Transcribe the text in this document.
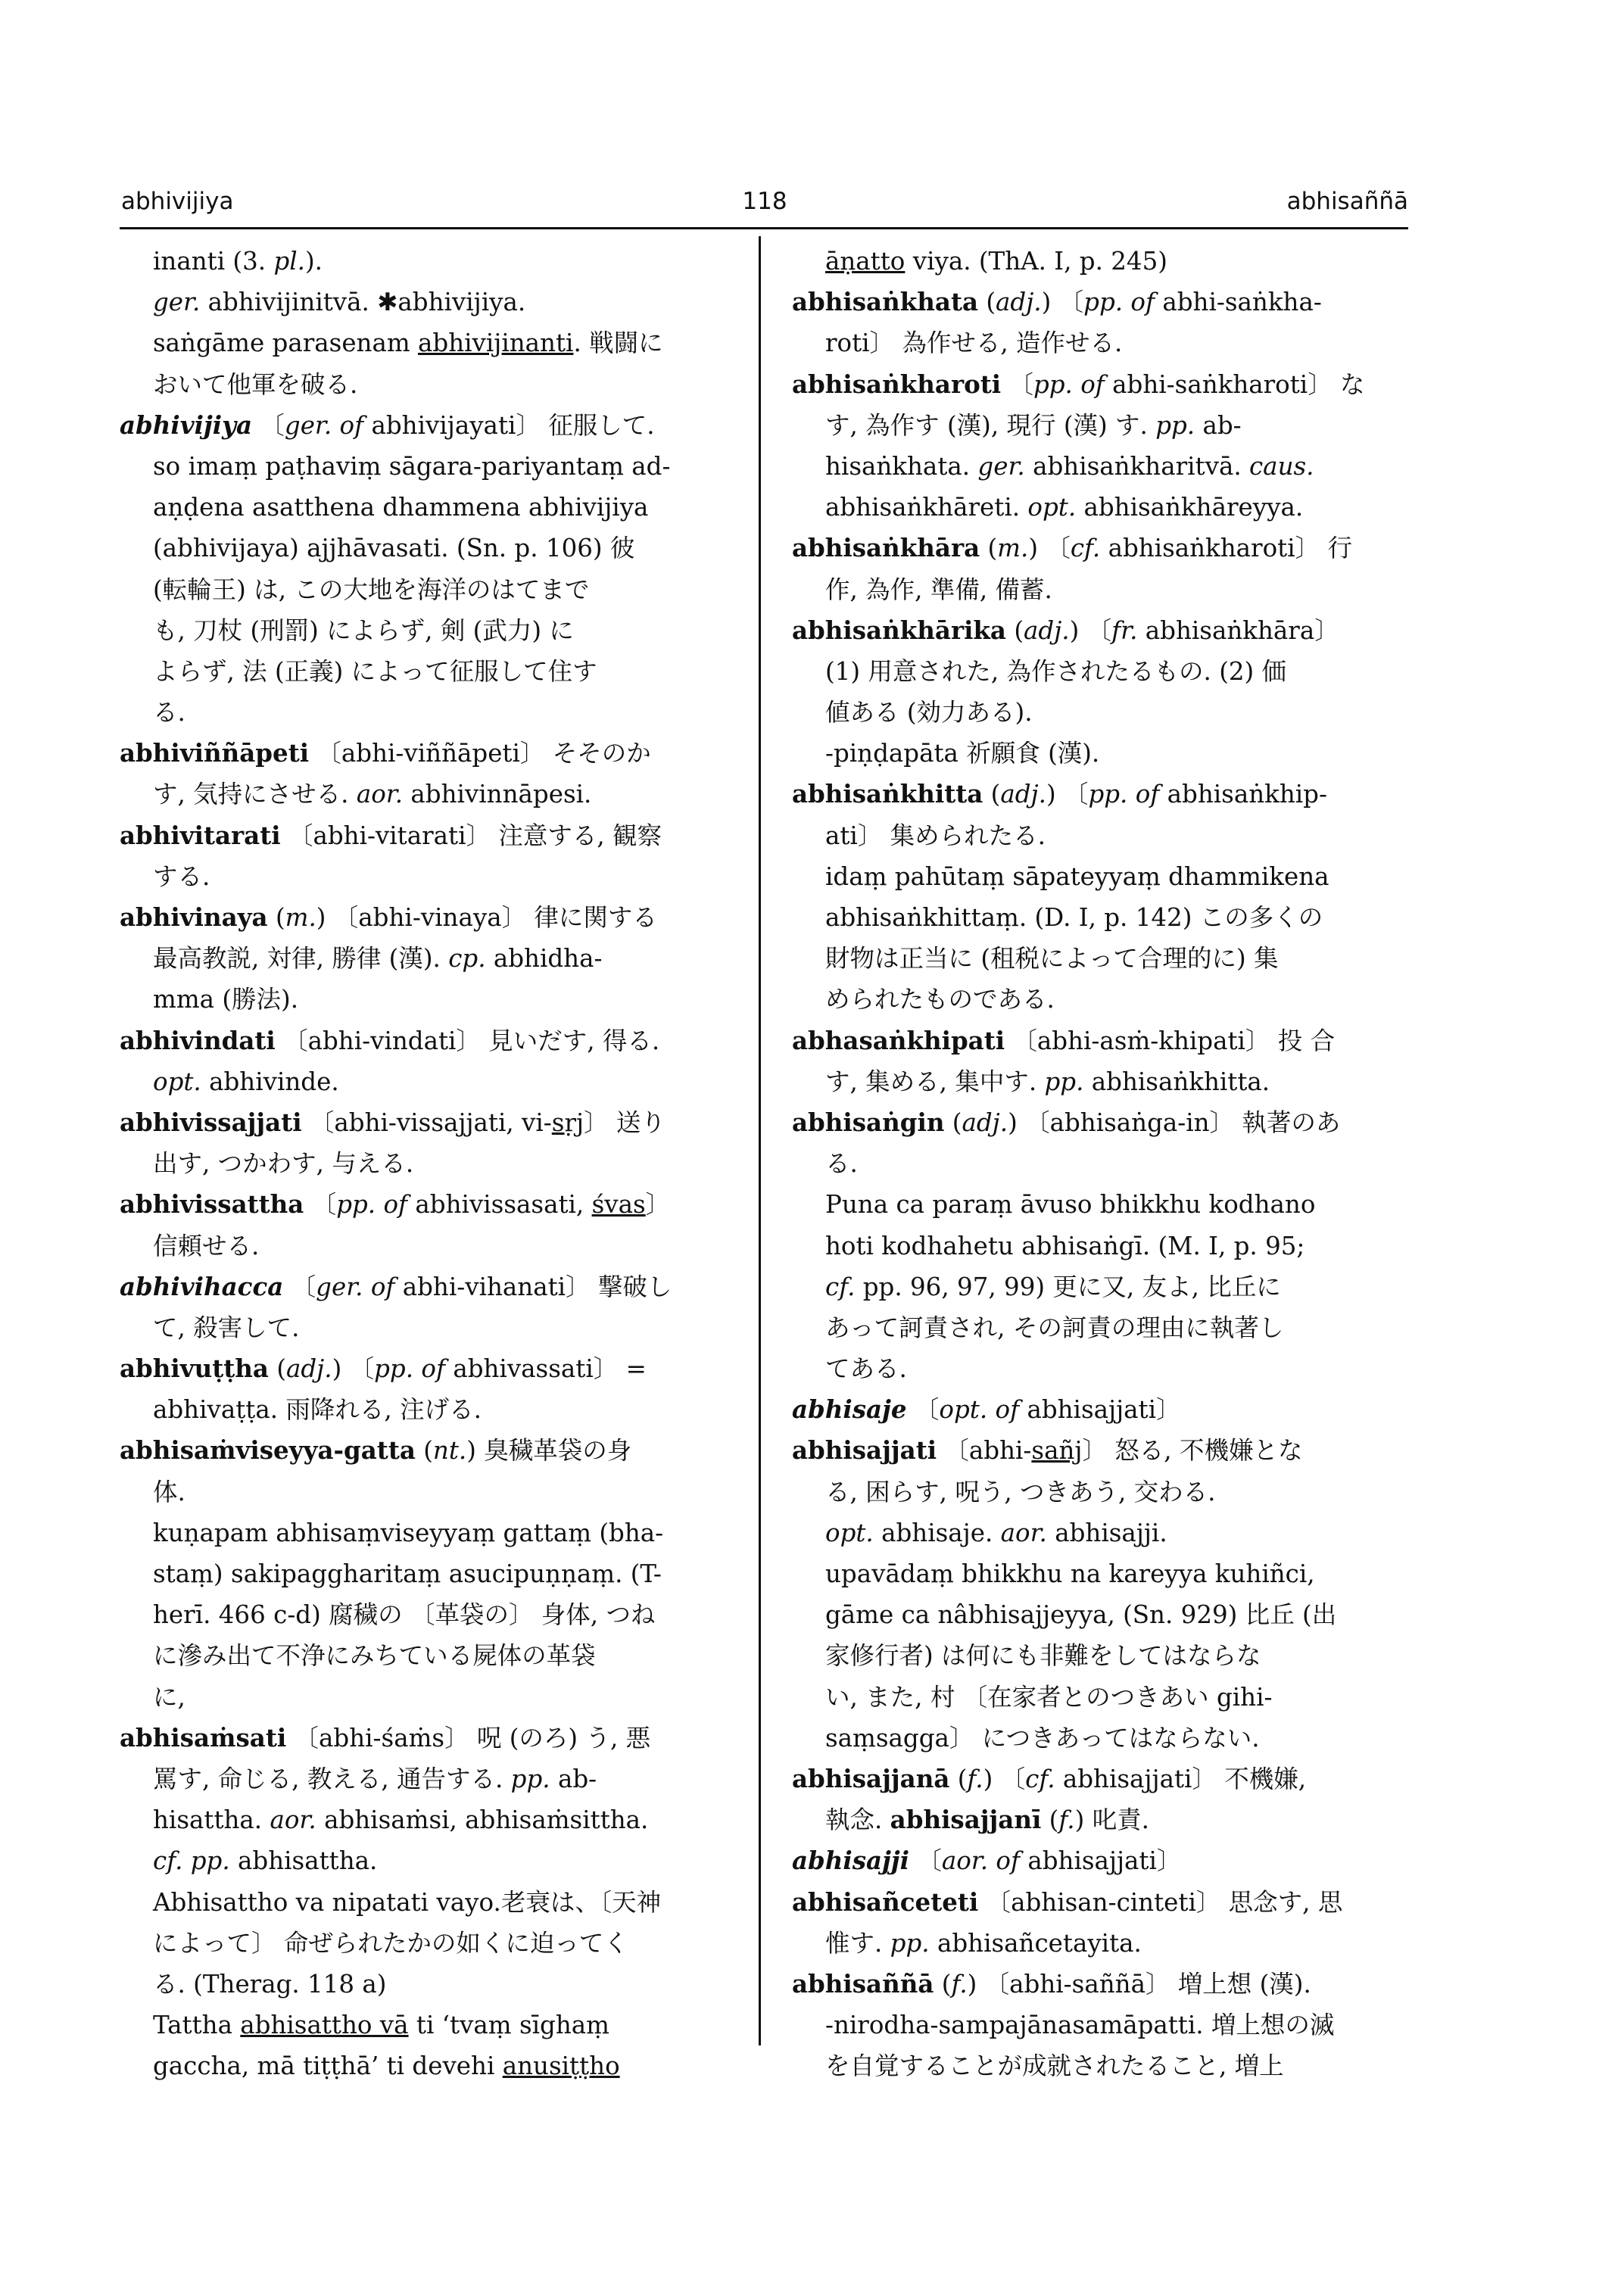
abhivijiya	118	abhisaññā
inanti (3. pl.).
ger. abhivijinitvā. ✱abhivijiya.
saṅgāme parasenam abhivijinanti. 戦闘に
おいて他軍を破る.
abhivijiya 〔ger. of abhivijayati〕 征服して.
so imaṃ paṭhaviṃ sāgara-pariyantaṃ ad-
aṇḍena asatthena dhammena abhivijiya
(abhivijaya) ajjhāvasati. (Sn. p. 106) 彼
(転輪王) は, この大地を海洋のはてまで
も, 刀杖 (刑罰) によらず, 剣 (武力) に
よらず, 法 (正義) によって征服して住す
る.
abhiviññāpeti 〔abhi-viññāpeti〕 そそのか
す, 気持にさせる. aor. abhivinnāpesi.
abhivitarati 〔abhi-vitarati〕 注意する, 観察
する.
abhivinaya (m.) 〔abhi-vinaya〕 律に関する
最高教説, 対律, 勝律 (漢). cp. abhidha-
mma (勝法).
abhivindati 〔abhi-vindati〕 見いだす, 得る.
opt. abhivinde.
abhivissajjati 〔abhi-vissajjati, vi-sṛj〕 送り
出す, つかわす, 与える.
abhivissattha 〔pp. of abhivissasati, śvas〕
信頼せる.
abhivihacca 〔ger. of abhi-vihanati〕 撃破し
て, 殺害して.
abhivuṭṭha (adj.) 〔pp. of abhivassati〕 =
abhivaṭṭa. 雨降れる, 注げる.
abhisaṁviseyya-gatta (nt.) 臭穢革袋の身
体.
kuṇapam abhisaṃviseyyaṃ gattaṃ (bha-
staṃ) sakipaggharitaṃ asucipuṇṇaṃ. (T-
herī. 466 c-d) 腐穢の 〔革袋の〕 身体, つね
に滲み出て不浄にみちている屍体の革袋
に,
abhisaṁsati 〔abhi-śaṁs〕 呪 (のろ) う, 悪
罵す, 命じる, 教える, 通告する. pp. ab-
hisattha. aor. abhisaṁsi, abhisaṁsittha.
cf. pp. abhisattha.
Abhisattho va nipatati vayo.老衰は、〔天神
によって〕 命ぜられたかの如くに迫ってく
る. (Therag. 118 a)
Tattha abhisattho vā ti ‘tvaṃ sīghaṃ
gaccha, mā tiṭṭhā’ ti devehi anusiṭṭho
āṇatto viya. (ThA. I, p. 245)
abhisaṅkhata (adj.) 〔pp. of abhi-saṅkha-
roti〕 為作せる, 造作せる.
abhisaṅkharoti 〔pp. of abhi-saṅkharoti〕 な
す, 為作す (漢), 現行 (漢) す. pp. ab-
hisaṅkhata. ger. abhisaṅkharitvā. caus.
abhisaṅkhāreti. opt. abhisaṅkhāreyya.
abhisaṅkhāra (m.) 〔cf. abhisaṅkharoti〕 行
作, 為作, 準備, 備蓄.
abhisaṅkhārika (adj.) 〔fr. abhisaṅkhāra〕
(1) 用意された, 為作されたるもの. (2) 価
値ある (効力ある).
-piṇḍapāta 祈願食 (漢).
abhisaṅkhitta (adj.) 〔pp. of abhisaṅkhip-
ati〕 集められたる.
idaṃ pahūtaṃ sāpateyyaṃ dhammikena
abhisaṅkhittaṃ. (D. I, p. 142) この多くの
財物は正当に (租税によって合理的に) 集
められたものである.
abhasaṅkhipati 〔abhi-asṁ-khipati〕 投 合
す, 集める, 集中す. pp. abhisaṅkhitta.
abhisaṅgin (adj.) 〔abhisaṅga-in〕 執著のあ
る.
Puna ca paraṃ āvuso bhikkhu kodhano
hoti kodhahetu abhisaṅgī. (M. I, p. 95;
cf. pp. 96, 97, 99) 更に又, 友よ, 比丘に
あって訶責され, その訶責の理由に執著し
てある.
abhisaje 〔opt. of abhisajjati〕
abhisajjati 〔abhi-sañj〕 怒る, 不機嫌とな
る, 困らす, 呪う, つきあう, 交わる.
opt. abhisaje. aor. abhisajji.
upavādaṃ bhikkhu na kareyya kuhiñci,
gāme ca nâbhisajjeyya, (Sn. 929) 比丘 (出
家修行者) は何にも非難をしてはならな
い, また, 村 〔在家者とのつきあい gihi-
saṃsagga〕 につきあってはならない.
abhisajjanā (f.) 〔cf. abhisajjati〕 不機嫌,
執念. abhisajjanī (f.) 叱責.
abhisajji 〔aor. of abhisajjati〕
abhisañceteti 〔abhisan-cinteti〕 思念す, 思
惟す. pp. abhisañcetayita.
abhisaññā (f.) 〔abhi-saññā〕 増上想 (漢).
-nirodha-sampajānasamāpatti. 増上想の滅
を自覚することが成就されたること, 増上
